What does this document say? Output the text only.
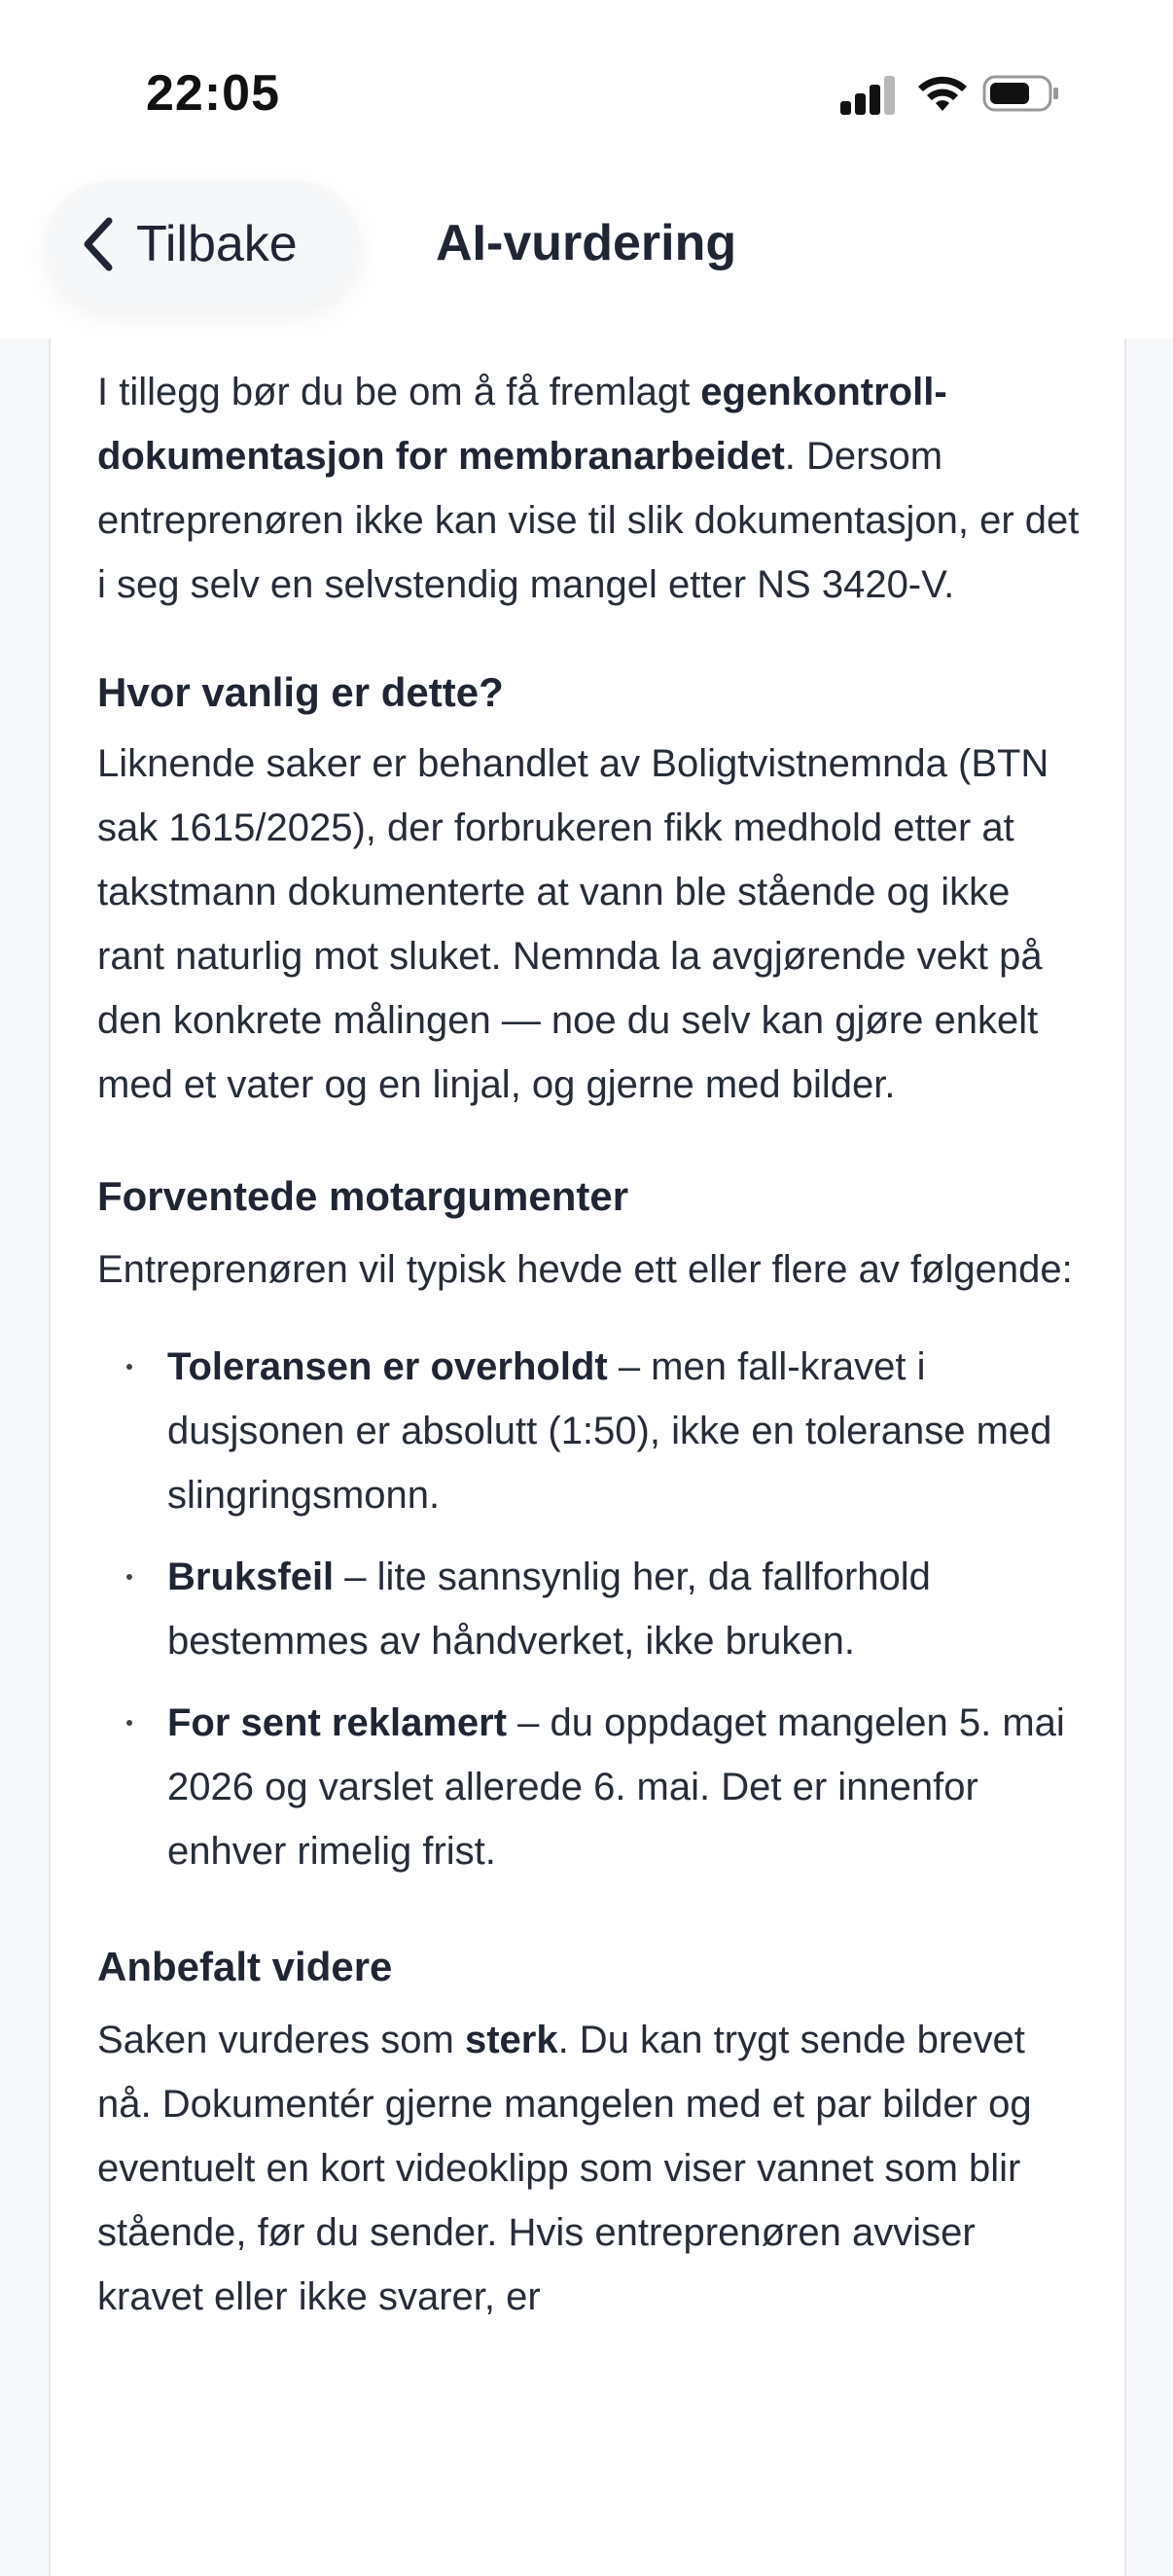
22:05
Tilbake	AI-vurdering

I tillegg bør du be om å få fremlagt egenkontroll-dokumentasjon for membranarbeidet. Dersom entreprenøren ikke kan vise til slik dokumentasjon, er det i seg selv en selvstendig mangel etter NS 3420-V.

Hvor vanlig er dette?

Liknende saker er behandlet av Boligtvistnemnda (BTN sak 1615/2025), der forbrukeren fikk medhold etter at takstmann dokumenterte at vann ble stående og ikke rant naturlig mot sluket. Nemnda la avgjørende vekt på den konkrete målingen — noe du selv kan gjøre enkelt med et vater og en linjal, og gjerne med bilder.

Forventede motargumenter

Entreprenøren vil typisk hevde ett eller flere av følgende:

Toleransen er overholdt – men fall-kravet i dusjsonen er absolutt (1:50), ikke en toleranse med slingringsmonn.
Bruksfeil – lite sannsynlig her, da fallforhold bestemmes av håndverket, ikke bruken.
For sent reklamert – du oppdaget mangelen 5. mai 2026 og varslet allerede 6. mai. Det er innenfor enhver rimelig frist.
Anbefalt videre

Saken vurderes som sterk. Du kan trygt sende brevet nå. Dokumentér gjerne mangelen med et par bilder og eventuelt en kort videoklipp som viser vannet som blir stående, før du sender. Hvis entreprenøren avviser kravet eller ikke svarer, er
